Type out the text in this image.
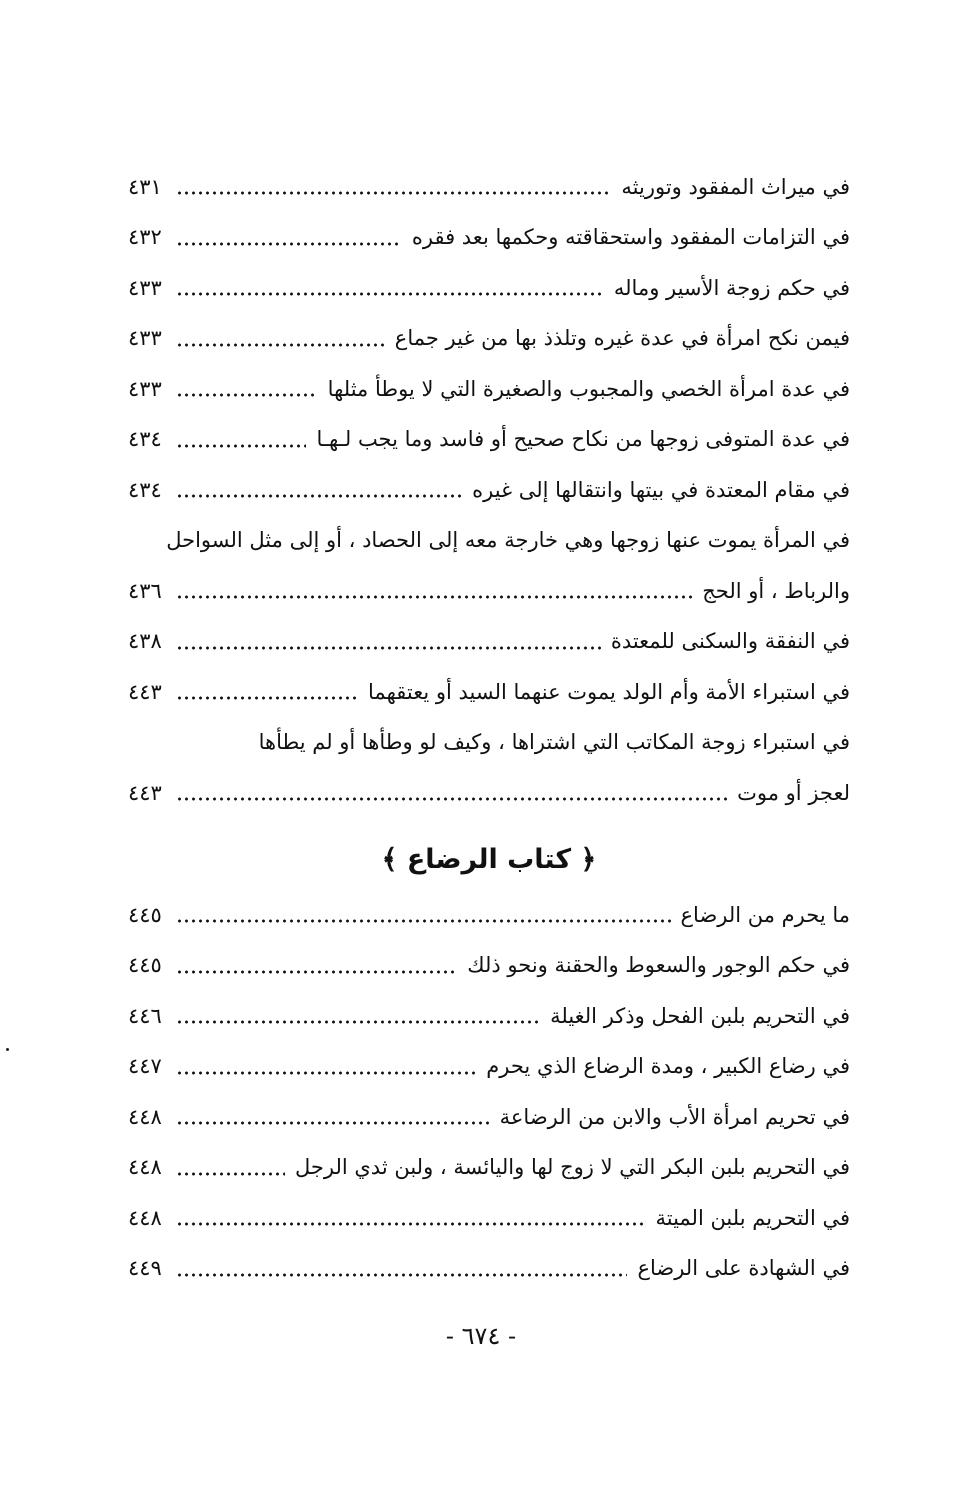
في ميراث المفقود وتوريثه
٤٣١
في التزامات المفقود واستحقاقته وحكمها بعد فقره
٤٣٢
في حكم زوجة الأسير وماله
٤٣٣
فيمن نكح امرأة في عدة غيره وتلذذ بها من غير جماع
٤٣٣
في عدة امرأة الخصي والمجبوب والصغيرة التي لا يوطأ مثلها
٤٣٣
في عدة المتوفى زوجها من نكاح صحيح أو فاسد وما يجب لـهـا
٤٣٤
في مقام المعتدة في بيتها وانتقالها إلى غيره
٤٣٤
في المرأة يموت عنها زوجها وهي خارجة معه إلى الحصاد ، أو إلى مثل السواحل
والرباط ، أو الحج
٤٣٦
في النفقة والسكنى للمعتدة
٤٣٨
في استبراء الأمة وأم الولد يموت عنهما السيد أو يعتقهما
٤٤٣
في استبراء زوجة المكاتب التي اشتراها ، وكيف لو وطأها أو لم يطأها
لعجز أو موت
٤٤٣
﴿ كتاب الرضاع ﴾
ما يحرم من الرضاع
٤٤٥
في حكم الوجور والسعوط والحقنة ونحو ذلك
٤٤٥
في التحريم بلبن الفحل وذكر الغيلة
٤٤٦
في رضاع الكبير ، ومدة الرضاع الذي يحرم
٤٤٧
في تحريم امرأة الأب والابن من الرضاعة
٤٤٨
في التحريم بلبن البكر التي لا زوج لها واليائسة ، ولبن ثدي الرجل
٤٤٨
في التحريم بلبن الميتة
٤٤٨
في الشهادة على الرضاع
٤٤٩
- ٦٧٤ -
